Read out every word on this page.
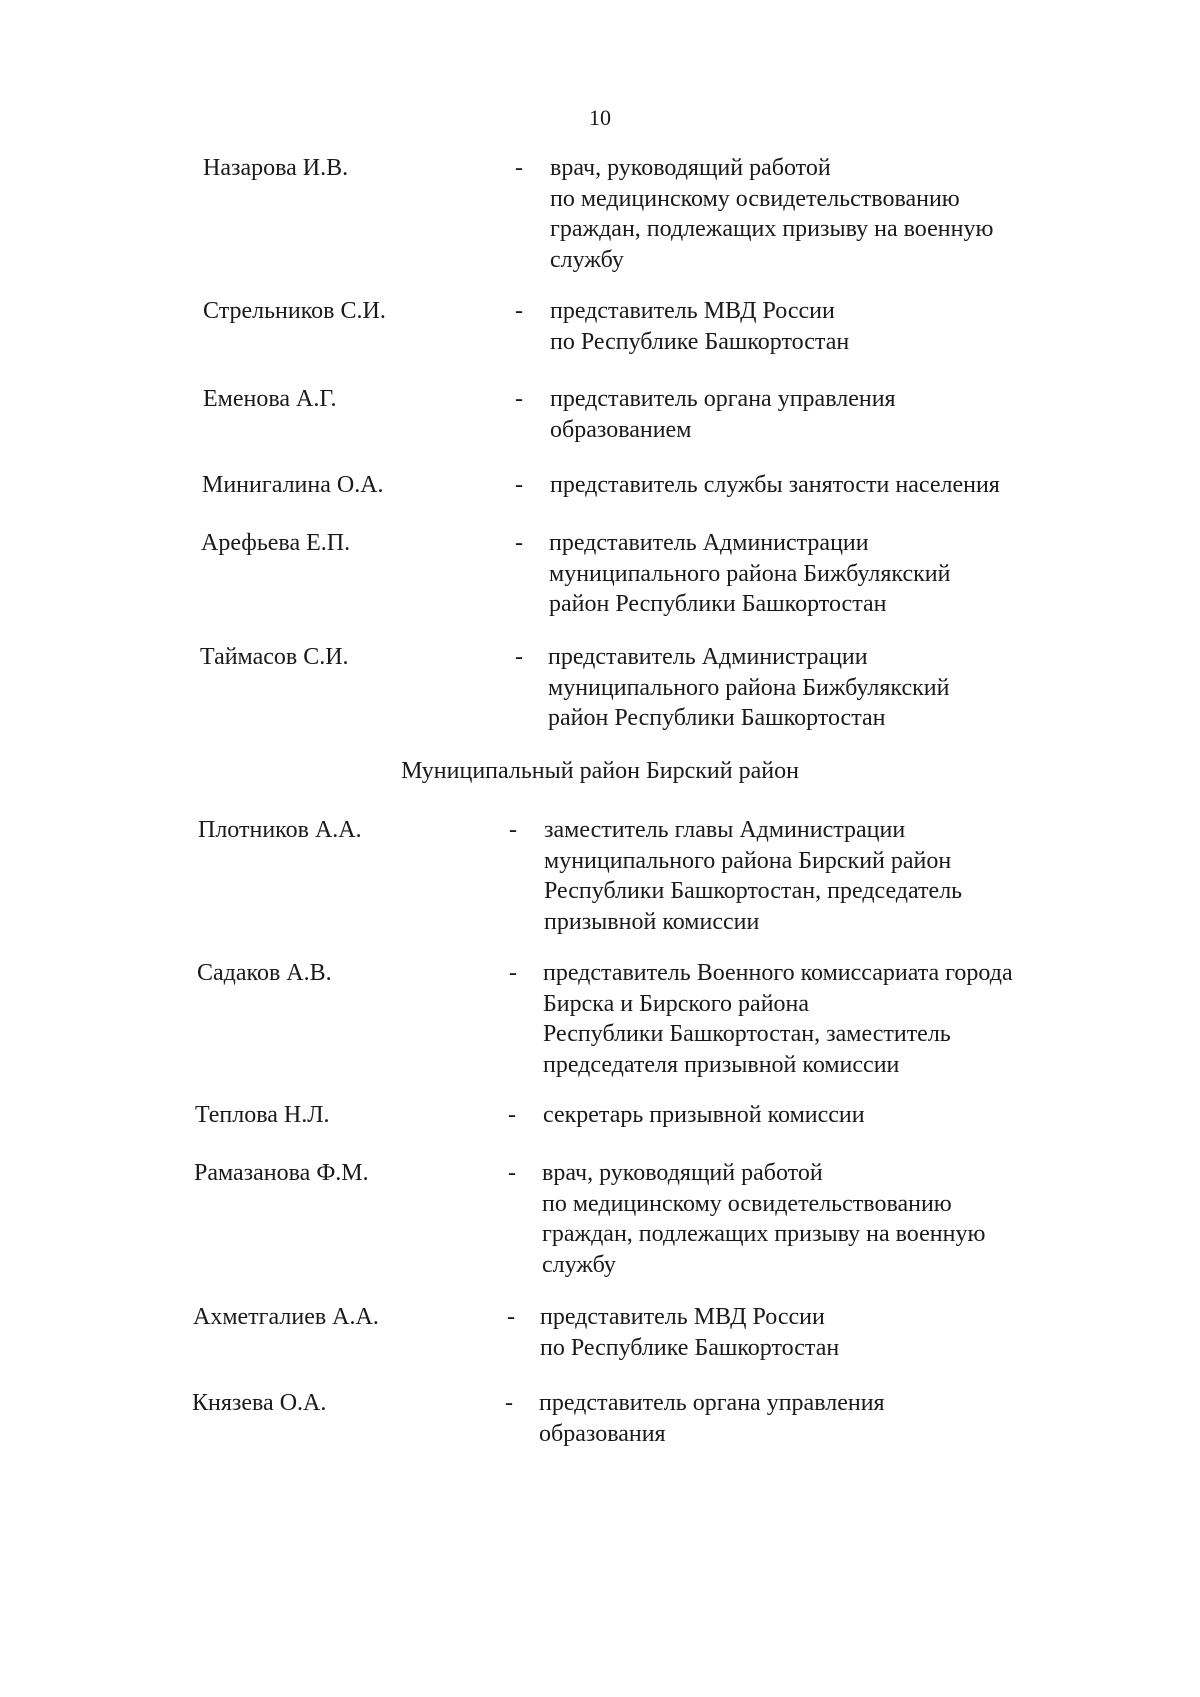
10
Назарова И.В.	- врач, руководящий работой
по медицинскому освидетельствованию
граждан, подлежащих призыву на военную
службу
Стрельников С.И.	- представитель МВД России
по Республике Башкортостан
Еменова А.Г.	- представитель органа управления
образованием
Минигалина О.А.	- представитель службы занятости населения
Арефьева Е.П.	- представитель Администрации
муниципального района Бижбулякский
район Республики Башкортостан
Таймасов С.И.	- представитель Администрации
муниципального района Бижбулякский
район Республики Башкортостан
Муниципальный район Бирский район
Плотников А.А.	- заместитель главы Администрации
муниципального района Бирский район
Республики Башкортостан, председатель
призывной комиссии
Садаков А.В.	- представитель Военного комиссариата города
Бирска и Бирского района
Республики Башкортостан, заместитель
председателя призывной комиссии
Теплова Н.Л.	- секретарь призывной комиссии
Рамазанова Ф.М.	- врач, руководящий работой
по медицинскому освидетельствованию
граждан, подлежащих призыву на военную
службу
Ахметгалиев А.А.	- представитель МВД России
по Республике Башкортостан
Князева О.А.	- представитель органа управления
образования
